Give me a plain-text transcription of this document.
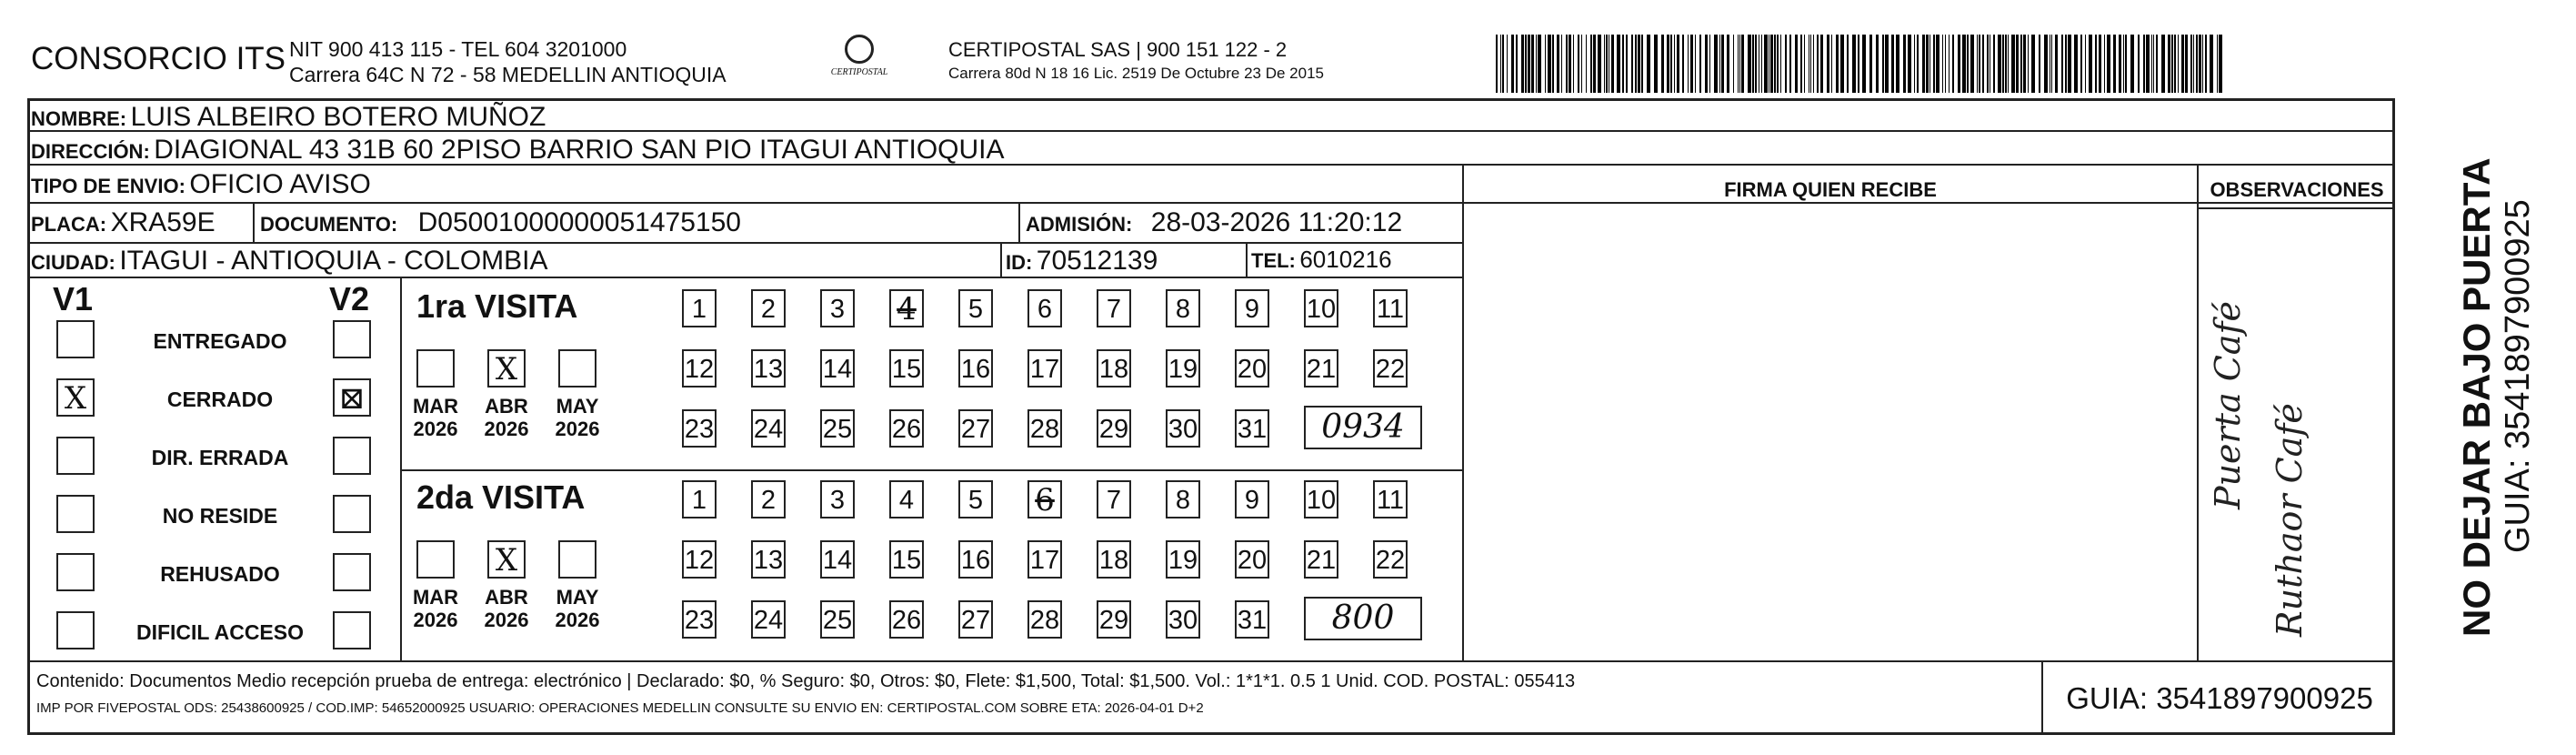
CONSORCIO ITS NIT 900 413 115 - TEL 604 3201000
Carrera 64C N 72 - 58 MEDELLIN ANTIOQUIA	CERTIPOSTAL
CERTIPOSTAL SAS | 900 151 122 - 2
Carrera 80d N 18 16 Lic. 2519 De Octubre 23 De 2015
NOMBRE: LUIS ALBEIRO BOTERO MUÑOZ
DIRECCIÓN: DIAGIONAL 43 31B 60 2PISO BARRIO SAN PIO ITAGUI ANTIOQUIA
TIPO DE ENVIO: OFICIO AVISO	FIRMA QUIEN RECIBE	OBSERVACIONES
PLACA: XRA59E DOCUMENTO: D05001000000051475150	ADMISIÓN: 28-03-2026 11:20:12
CIUDAD: ITAGUI - ANTIOQUIA - COLOMBIA	ID: 70512139	TEL: 6010216
V1	V2
ENTREGADO
X	CERRADO	⊠
DIR. ERRADA
NO RESIDE
REHUSADO
DIFICIL ACCESO
1ra VISITA
MAR
2026
X
ABR
2026
MAY
2026
1	2	3	4	5	6	7	8	9	10 11
12 13 14 15 16 17 18 19 20 21 22
23 24 25 26 27 28 29 30 31	0934
2da VISITA
MAR
2026
X
ABR
2026
MAY
2026
1	2	3	4	5	6	7	8	9	10 11
12 13 14 15 16 17 18 19 20 21 22
23 24 25 26 27 28 29 30 31	800
Puerta Café Ruthaor Café
Contenido: Documentos Medio recepción prueba de entrega: electrónico | Declarado: $0, % Seguro: $0, Otros: $0, Flete: $1,500, Total: $1,500. Vol.: 1*1*1. 0.5 1 Unid. COD. POSTAL: 055413
IMP POR FIVEPOSTAL ODS: 25438600925 / COD.IMP: 54652000925 USUARIO: OPERACIONES MEDELLIN CONSULTE SU ENVIO EN: CERTIPOSTAL.COM SOBRE ETA: 2026-04-01 D+2	GUIA: 3541897900925
NO DEJAR BAJO PUERTA GUIA: 3541897900925
